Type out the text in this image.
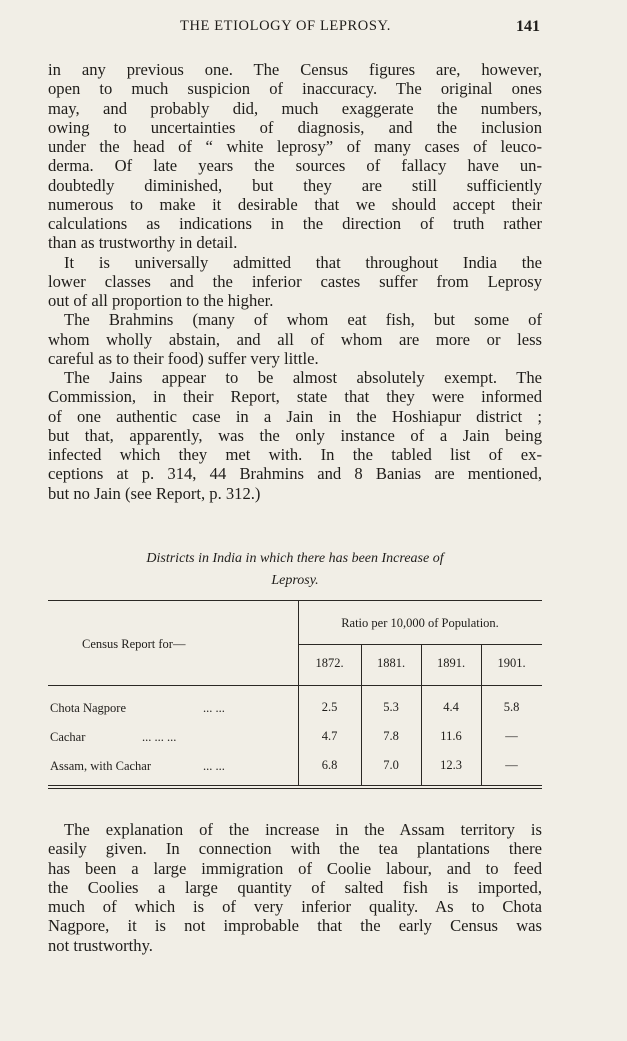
THE ETIOLOGY OF LEPROSY.	141
in any previous one. The Census figures are, however,
open to much suspicion of inaccuracy. The original ones
may, and probably did, much exaggerate the numbers,
owing to uncertainties of diagnosis, and the inclusion
under the head of “ white leprosy” of many cases of leuco-
derma. Of late years the sources of fallacy have un-
doubtedly diminished, but they are still sufficiently
numerous to make it desirable that we should accept their
calculations as indications in the direction of truth rather
than as trustworthy in detail.
It is universally admitted that throughout India the
lower classes and the inferior castes suffer from Leprosy
out of all proportion to the higher.
The Brahmins (many of whom eat fish, but some of
whom wholly abstain, and all of whom are more or less
careful as to their food) suffer very little.
The Jains appear to be almost absolutely exempt. The
Commission, in their Report, state that they were informed
of one authentic case in a Jain in the Hoshiapur district ;
but that, apparently, was the only instance of a Jain being
infected which they met with. In the tabled list of ex-
ceptions at p. 314, 44 Brahmins and 8 Banias are mentioned,
but no Jain (see Report, p. 312.)
Districts in India in which there has been Increase of
Leprosy.
Census Report for—
Ratio per 10,000 of Population.
1872.	1881.	1891.	1901.
Chota Nagpore	... ...	2.5	5.3	4.4	5.8
Cachar	... ... ...	4.7	7.8	11.6	—
Assam, with Cachar	... ...	6.8	7.0	12.3	—
The explanation of the increase in the Assam territory is
easily given. In connection with the tea plantations there
has been a large immigration of Coolie labour, and to feed
the Coolies a large quantity of salted fish is imported,
much of which is of very inferior quality. As to Chota
Nagpore, it is not improbable that the early Census was
not trustworthy.
